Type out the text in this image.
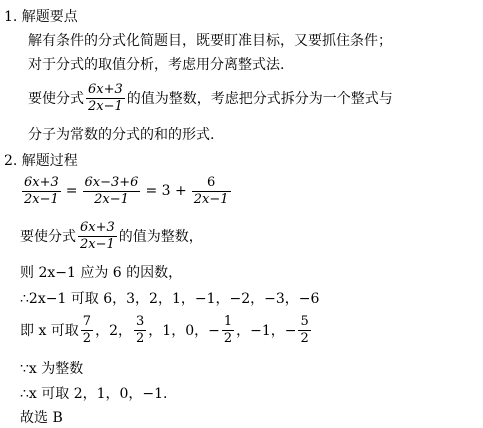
1. 解题要点
解有条件的分式化简题目，既要盯准目标，又要抓住条件；
对于分式的取值分析，考虑用分离整式法.
要使分式 $\frac{6x+3}{2x-1}$ 的值为整数，考虑把分式拆分为一个整式与
分子为常数的分式的和的形式.
2. 解题过程
$\frac{6x+3}{2x-1} = \frac{6x-3+6}{2x-1} = 3 + \frac{6}{2x-1}$
要使分式 $\frac{6x+3}{2x-1}$ 的值为整数，
则 2x−1 应为 6 的因数，
∴2x−1 可取 6，3，2，1，−1，−2，−3，−6
即 x 可取 $\frac{7}{2}$ ，2， $\frac{3}{2}$ ，1，0，− $\frac{1}{2}$ ，−1，− $\frac{5}{2}$
∵x 为整数
∴x 可取 2，1，0，−1.
故选 B
